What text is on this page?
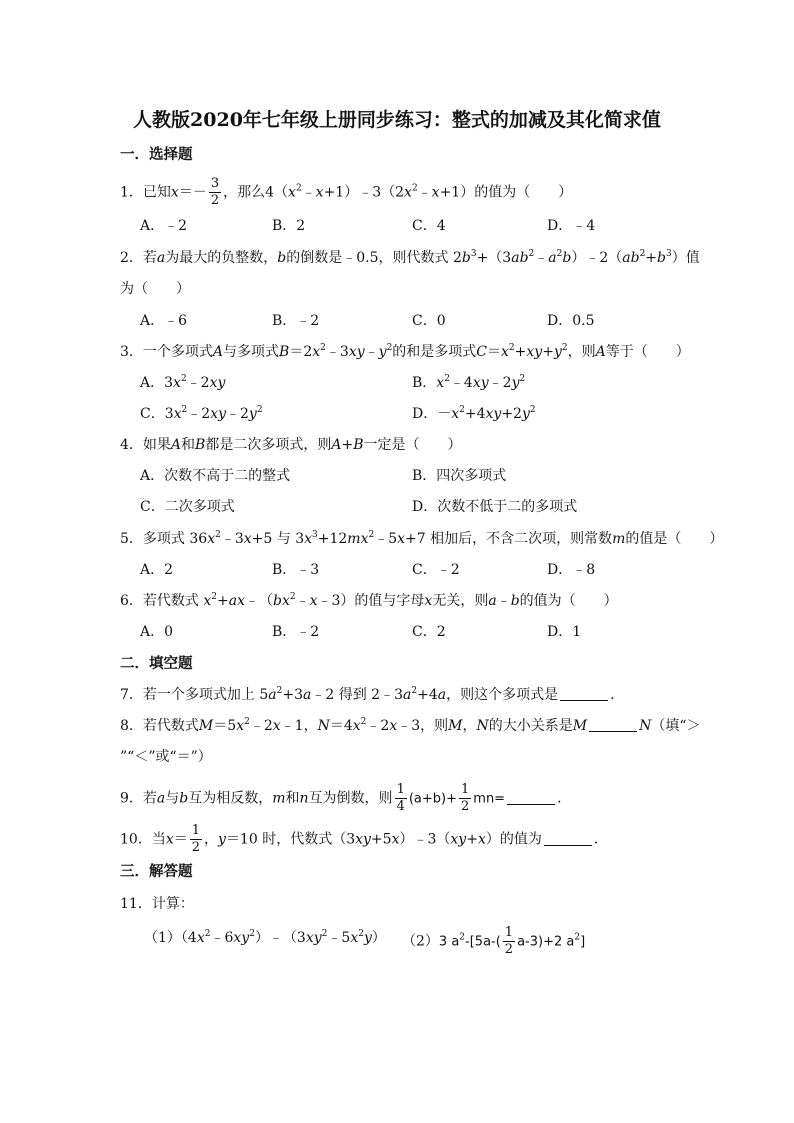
人教版2020年七年级上册同步练习：整式的加减及其化简求值
一．选择题
1．已知$x=- \frac{3}{2}$ ，那么$4(x^2﹣x+1)﹣3(2x^2﹣x+1)$的值为（　　）
A．﹣2	B．2	C．4	D．﹣4
2．若a为最大的负整数，b的倒数是﹣0.5，则代数式 $2b^3+(3ab^2﹣a^2b)﹣2(ab^2+b^3)$值
为（　　）
A．﹣6	B．﹣2	C．0	D．0.5
3．一个多项式A与多项式$B=2x^2﹣3xy﹣y^2$的和是多项式$C=x^2+xy+y^2$，则A等于（　　）
A．$3x^2﹣2xy$	B．$x^2﹣4xy﹣2y^2$
C．$3x^2﹣2xy﹣2y^2$	D．$-x^2+4xy+2y^2$
4．如果A和B都是二次多项式，则A+B一定是（　　）
A．次数不高于二的整式	B．四次多项式
C．二次多项式	D．次数不低于二的多项式
5．多项式 $36x^2﹣3x+5$ 与 $3x^3+12mx^2﹣5x+7$ 相加后，不含二次项，则常数m的值是（　　）
A．2	B．﹣3	C．﹣2	D．﹣8
6．若代数式 $x^2+ax﹣(bx^2﹣x﹣3)$的值与字母x无关，则a﹣b的值为（　　）
A．0	B．﹣2	C．2	D．1
二．填空题
7．若一个多项式加上 $5a^2+3a﹣2$ 得到 $2﹣3a^2+4a$，则这个多项式是	．
8．若代数式$M=5x^2﹣2x﹣1$，$N=4x^2﹣2x﹣3$，则M，N的大小关系是M	N（填“＞
”“＜”或“＝”）
9．若a与b互为相反数，m和n互为倒数，则 $\frac{1}{4} (a+b)+ \frac{1}{2} mn=$	．
10．当$x= \frac{1}{2}$ ，y＝10 时，代数式（3xy+5x）﹣3（xy+x）的值为	．
三．解答题
11．计算：
$(1)(4x^2﹣6xy^2)﹣(3xy^2﹣5x^2y)$ （2）3 $a^2-[5a-( \frac{1}{2} a-3)+2$ $a^2$]
